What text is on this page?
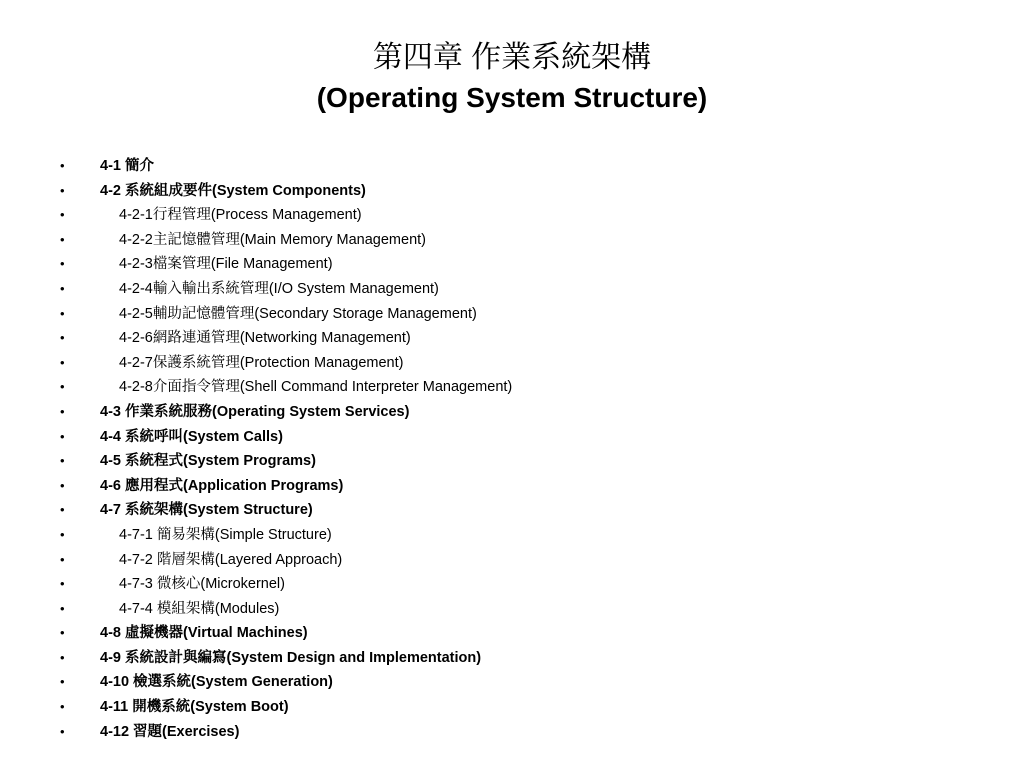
第四章 作業系統架構
(Operating System Structure)
•	4-1 簡介
•	4-2 系統組成要件(System Components)
•	4-2-1行程管理(Process Management)
•	4-2-2主記憶體管理(Main Memory Management)
•	4-2-3檔案管理(File Management)
•	4-2-4輸入輸出系統管理(I/O System Management)
•	4-2-5輔助記憶體管理(Secondary Storage Management)
•	4-2-6網路連通管理(Networking Management)
•	4-2-7保護系統管理(Protection Management)
•	4-2-8介面指令管理(Shell Command Interpreter Management)
•	4-3 作業系統服務(Operating System Services)
•	4-4 系統呼叫(System Calls)
•	4-5 系統程式(System Programs)
•	4-6 應用程式(Application Programs)
•	4-7 系統架構(System Structure)
•	4-7-1 簡易架構(Simple Structure)
•	4-7-2 階層架構(Layered Approach)
•	4-7-3 微核心(Microkernel)
•	4-7-4 模組架構(Modules)
•	4-8 虛擬機器(Virtual Machines)
•	4-9 系統設計與編寫(System Design and Implementation)
•	4-10 檢選系統(System Generation)
•	4-11 開機系統(System Boot)
•	4-12 習題(Exercises)
